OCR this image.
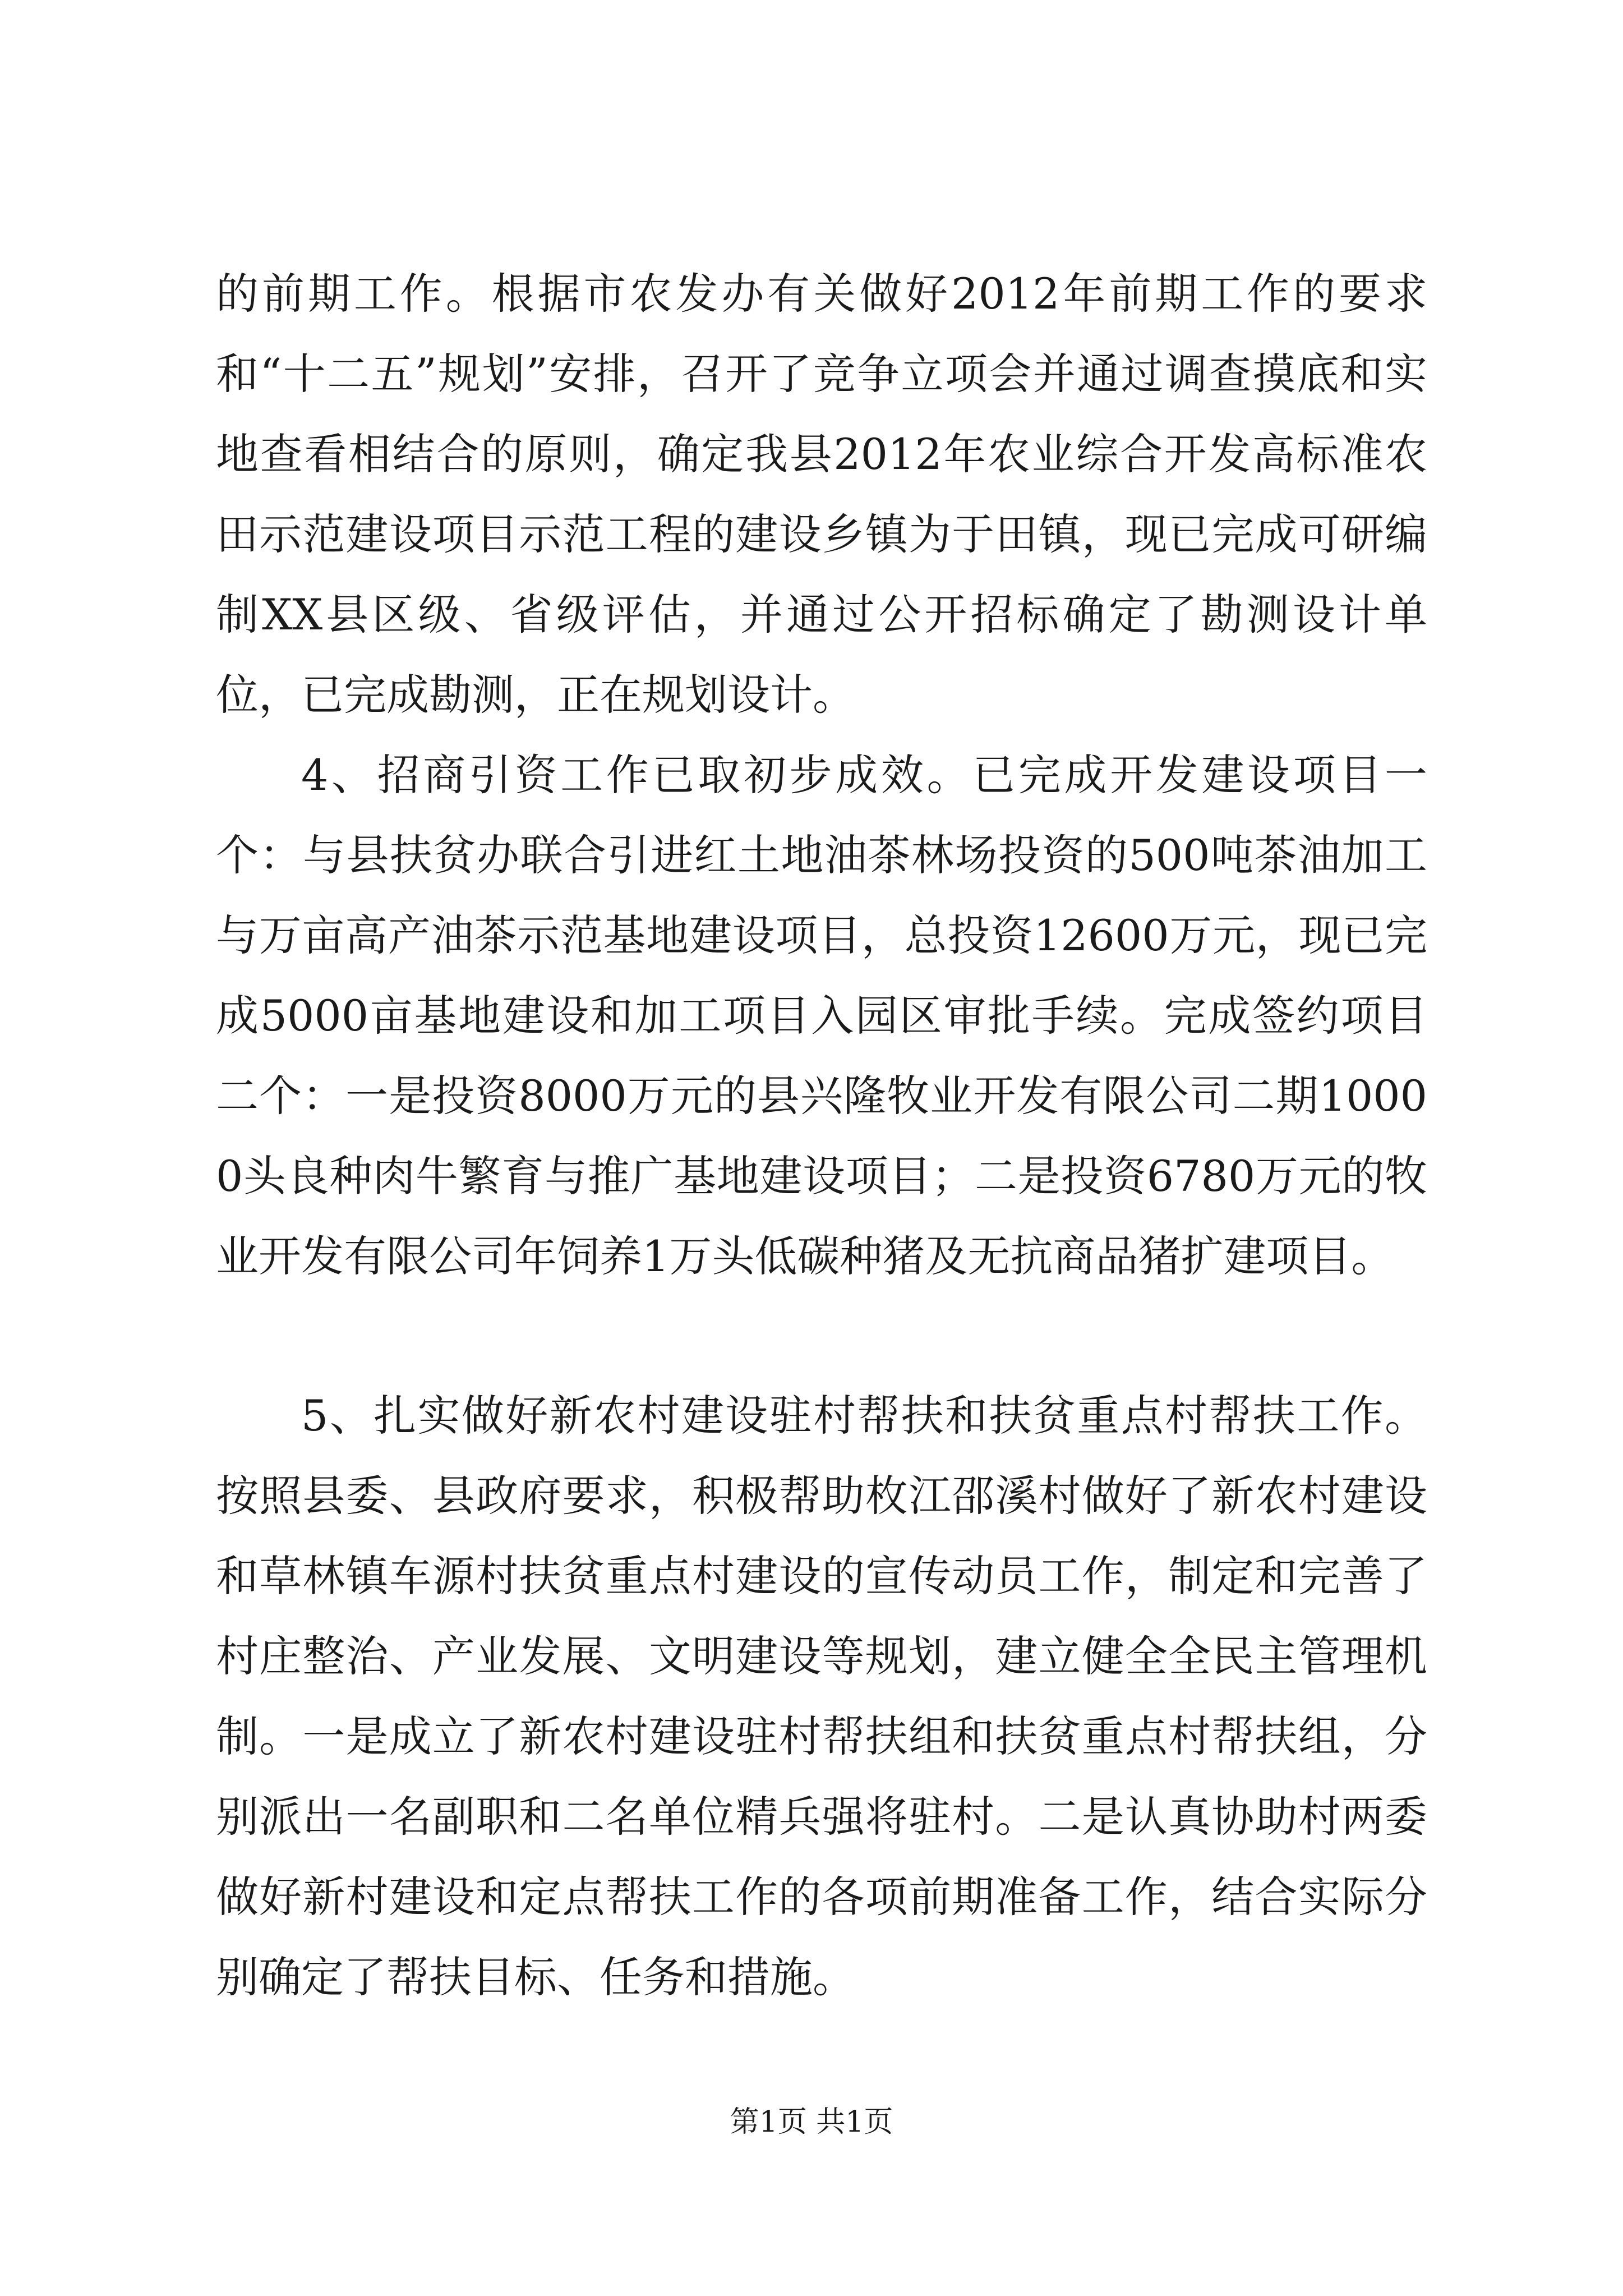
的前期工作。根据市农发办有关做好2012年前期工作的要求和“十二五”规划”安排，召开了竞争立项会并通过调查摸底和实地查看相结合的原则，确定我县2012年农业综合开发高标准农田示范建设项目示范工程的建设乡镇为于田镇，现已完成可研编制XX县区级、省级评估，并通过公开招标确定了勘测设计单位，已完成勘测，正在规划设计。

4、招商引资工作已取初步成效。已完成开发建设项目一个：与县扶贫办联合引进红土地油茶林场投资的500吨茶油加工与万亩高产油茶示范基地建设项目，总投资12600万元，现已完成5000亩基地建设和加工项目入园区审批手续。完成签约项目二个：一是投资8000万元的县兴隆牧业开发有限公司二期10000头良种肉牛繁育与推广基地建设项目；二是投资6780万元的牧业开发有限公司年饲养1万头低碳种猪及无抗商品猪扩建项目。

5、扎实做好新农村建设驻村帮扶和扶贫重点村帮扶工作。按照县委、县政府要求，积极帮助枚江邵溪村做好了新农村建设和草林镇车源村扶贫重点村建设的宣传动员工作，制定和完善了村庄整治、产业发展、文明建设等规划，建立健全全民主管理机制。一是成立了新农村建设驻村帮扶组和扶贫重点村帮扶组，分别派出一名副职和二名单位精兵强将驻村。二是认真协助村两委做好新村建设和定点帮扶工作的各项前期准备工作，结合实际分别确定了帮扶目标、任务和措施。

第1页 共1页
